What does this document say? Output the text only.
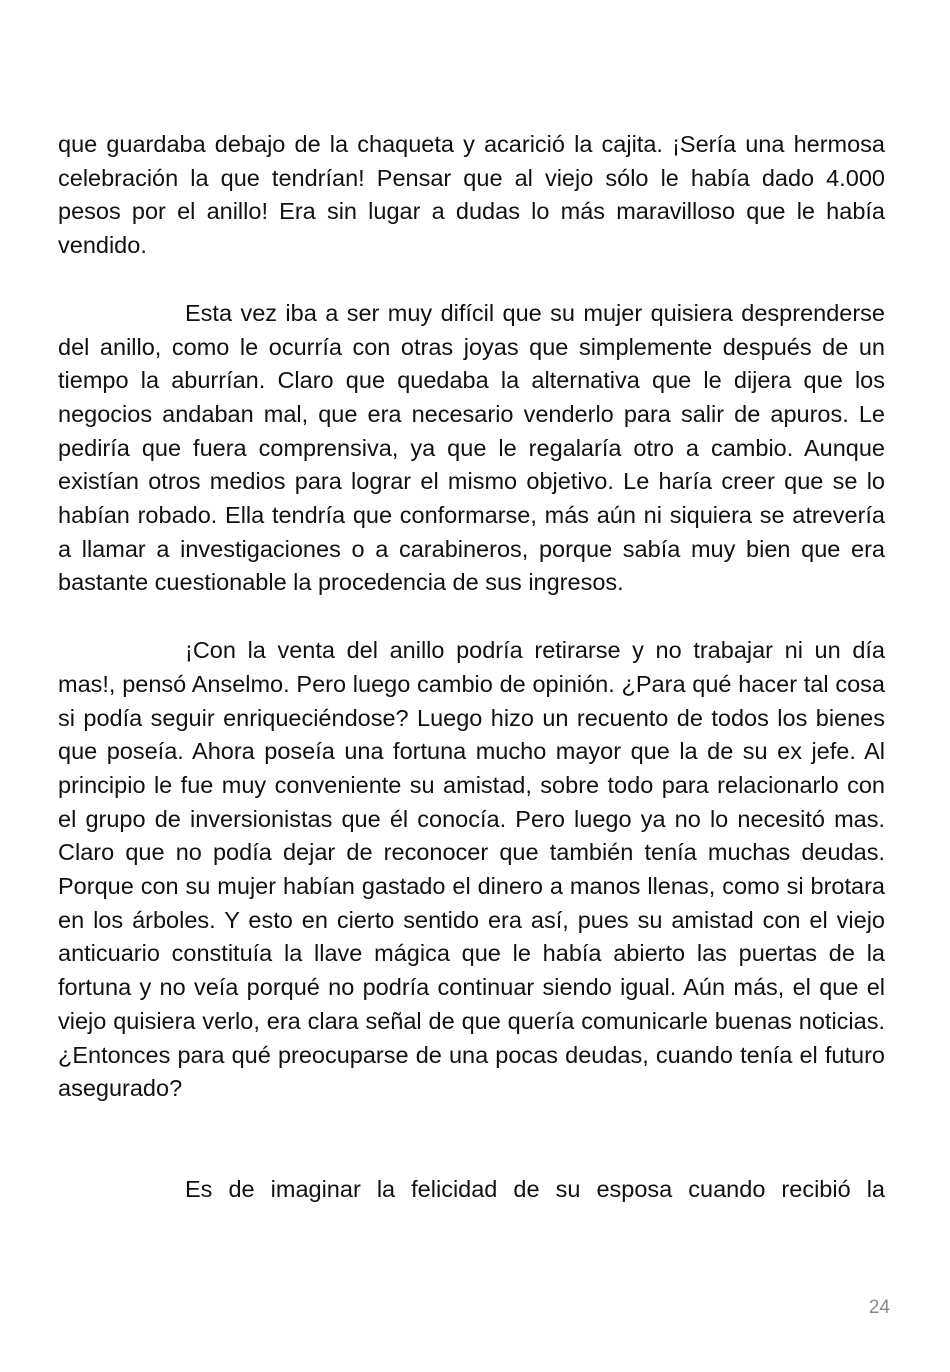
que guardaba debajo de la chaqueta y acarició la cajita. ¡Sería una hermosa celebración la que tendrían! Pensar que al viejo sólo le había dado 4.000 pesos por el anillo! Era sin lugar a dudas lo más maravilloso que le había vendido.

Esta vez iba a ser muy difícil que su mujer quisiera desprenderse del anillo, como le ocurría con otras joyas que simplemente después de un tiempo la aburrían. Claro que quedaba la alternativa que le dijera que los negocios andaban mal, que era necesario venderlo para salir de apuros. Le pediría que fuera comprensiva, ya que le regalaría otro a cambio. Aunque existían otros medios para lograr el mismo objetivo. Le haría creer que se lo habían robado. Ella tendría que conformarse, más aún ni siquiera se atrevería a llamar a investigaciones o a carabineros, porque sabía muy bien que era bastante cuestionable la procedencia de sus ingresos.

¡Con la venta del anillo podría retirarse y no trabajar ni un día mas!, pensó Anselmo. Pero luego cambio de opinión. ¿Para qué hacer tal cosa si podía seguir enriqueciéndose? Luego hizo un recuento de todos los bienes que poseía. Ahora poseía una fortuna mucho mayor que la de su ex jefe. Al principio le fue muy conveniente su amistad, sobre todo para relacionarlo con el grupo de inversionistas que él conocía. Pero luego ya no lo necesitó mas. Claro que no podía dejar de reconocer que también tenía muchas deudas. Porque con su mujer habían gastado el dinero a manos llenas, como si brotara en los árboles. Y esto en cierto sentido era así, pues su amistad con el viejo anticuario constituía la llave mágica que le había abierto las puertas de la fortuna y no veía porqué no podría continuar siendo igual. Aún más, el que el viejo quisiera verlo, era clara señal de que quería comunicarle buenas noticias. ¿Entonces para qué preocuparse de una pocas deudas, cuando tenía el futuro asegurado?

Es de imaginar la felicidad de su esposa cuando recibió la

24
